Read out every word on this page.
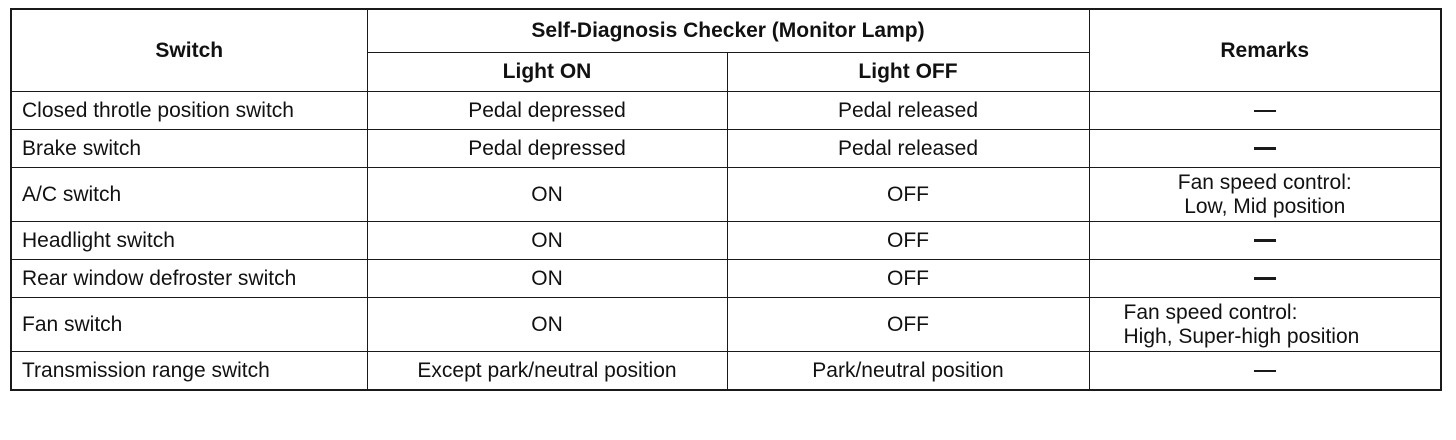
Switch	Self-Diagnosis Checker (Monitor Lamp)		Remarks
	Light ON	Light OFF	
Closed throtle position switch	Pedal depressed	Pedal released	
Brake switch	Pedal depressed	Pedal released	
A/C switch	ON	OFF	Fan speed control:
Low, Mid position

Headlight switch	ON	OFF	
Rear window defroster switch	ON	OFF	
Fan switch	ON	OFF	Fan speed control:
High, Super-high position

Transmission range switch	Except park/neutral position	Park/neutral position	
